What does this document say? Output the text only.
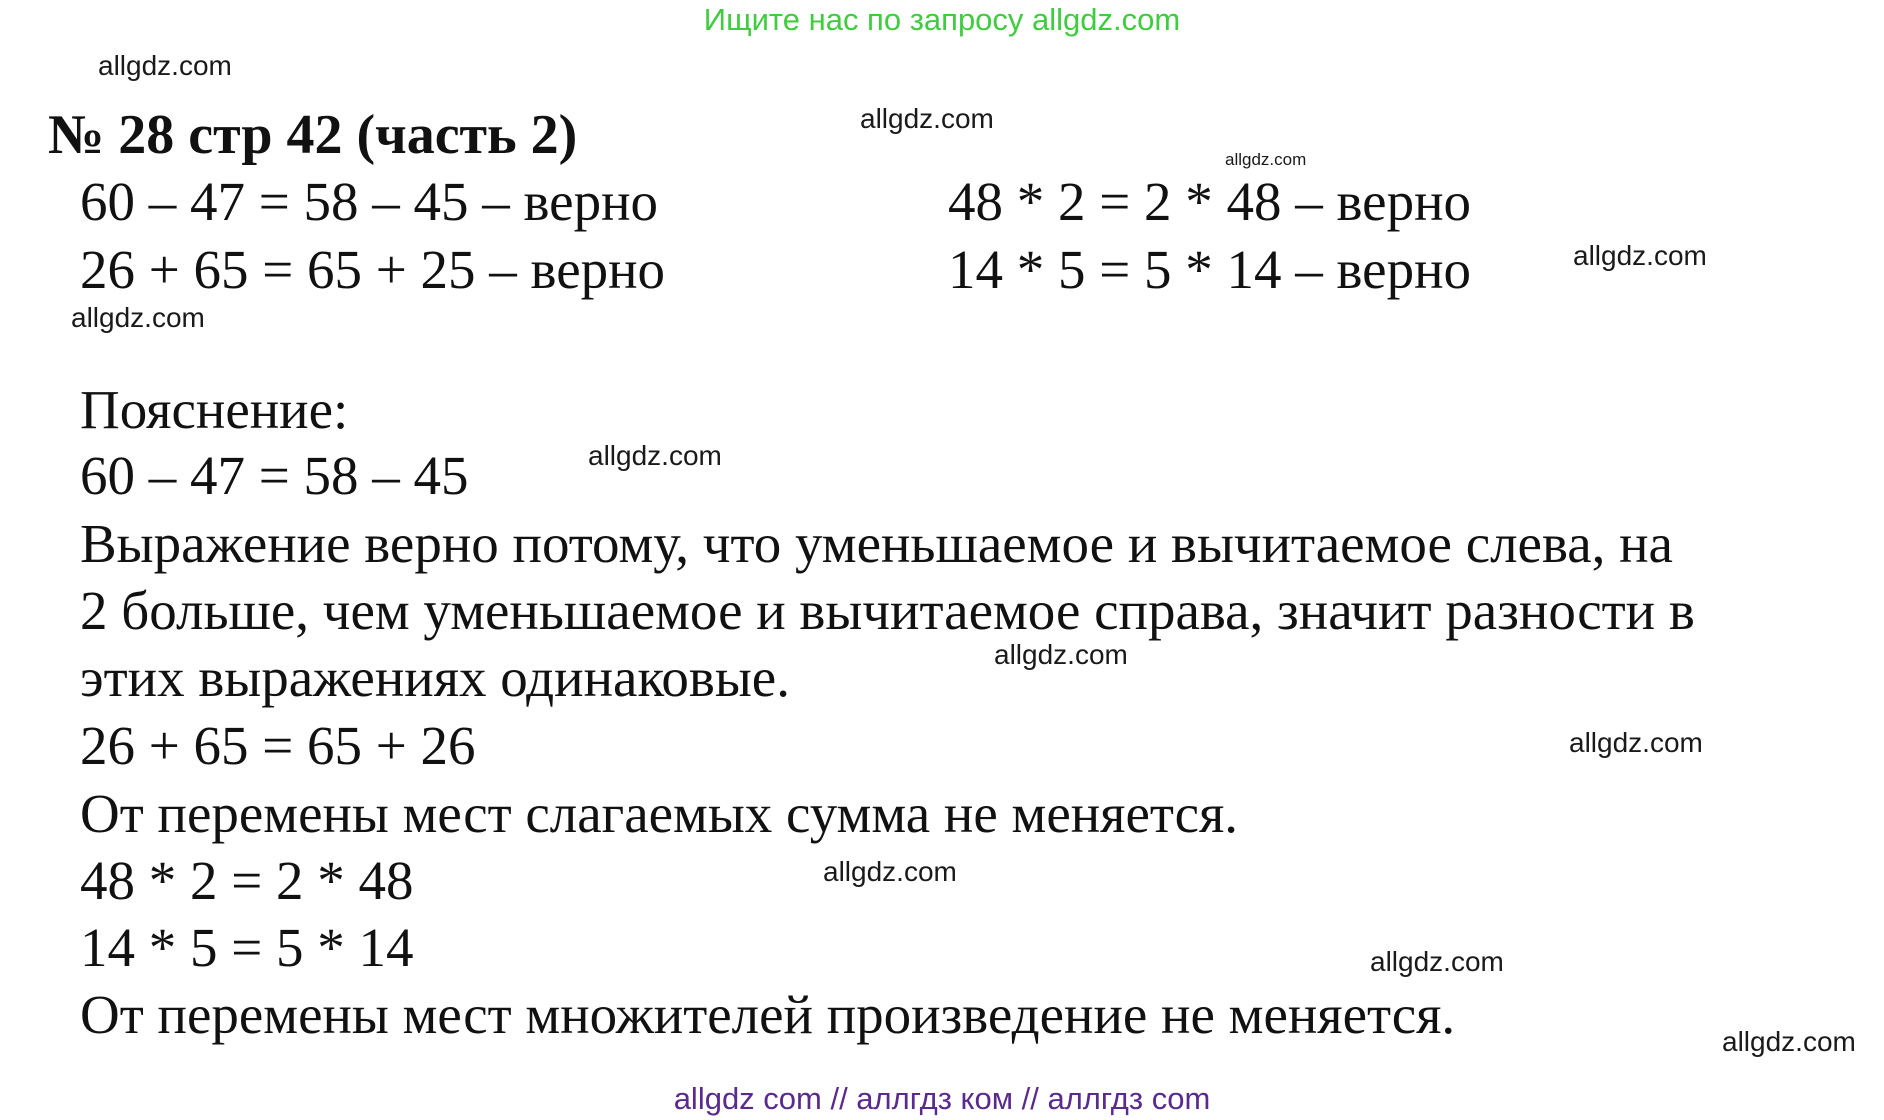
Ищите нас по запросу allgdz.com
allgdz.com
allgdz.com
allgdz.com
allgdz.com
allgdz.com
allgdz.com
allgdz.com
allgdz.com
allgdz.com
allgdz.com
allgdz.com
№ 28 стр 42 (часть 2)
60 – 47 = 58 – 45 – верно
26 + 65 = 65 + 25 – верно
48 * 2 = 2 * 48 – верно
14 * 5 = 5 * 14 – верно
Пояснение:
60 – 47 = 58 – 45
Выражение верно потому, что уменьшаемое и вычитаемое слева, на
2 больше, чем уменьшаемое и вычитаемое справа, значит разности в
этих выражениях одинаковые.
26 + 65 = 65 + 26
От перемены мест слагаемых сумма не меняется.
48 * 2 = 2 * 48
14 * 5 = 5 * 14
От перемены мест множителей произведение не меняется.
allgdz com // аллгдз ком // аллгдз com
